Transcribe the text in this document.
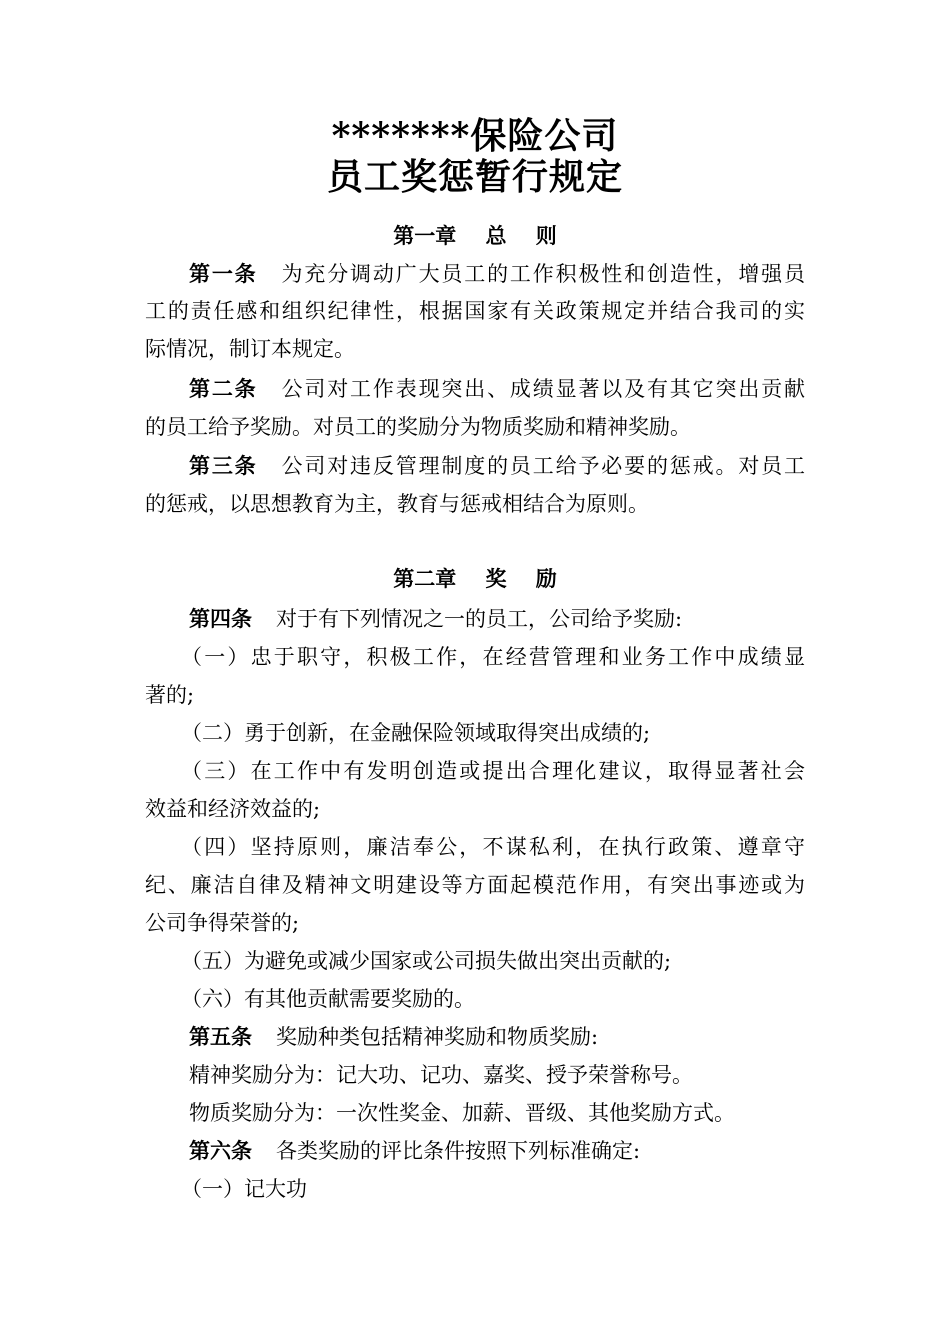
*******保险公司
员工奖惩暂行规定
第一章    总    则
第一条 为充分调动广大员工的工作积极性和创造性，增强员
工的责任感和组织纪律性，根据国家有关政策规定并结合我司的实
际情况，制订本规定。
第二条 公司对工作表现突出、成绩显著以及有其它突出贡献
的员工给予奖励。对员工的奖励分为物质奖励和精神奖励。
第三条 公司对违反管理制度的员工给予必要的惩戒。对员工
的惩戒，以思想教育为主，教育与惩戒相结合为原则。
第二章    奖    励
第四条 对于有下列情况之一的员工，公司给予奖励:
（一）忠于职守，积极工作，在经营管理和业务工作中成绩显
著的;
（二）勇于创新，在金融保险领域取得突出成绩的;
（三）在工作中有发明创造或提出合理化建议，取得显著社会
效益和经济效益的;
（四）坚持原则，廉洁奉公，不谋私利，在执行政策、遵章守
纪、廉洁自律及精神文明建设等方面起模范作用，有突出事迹或为
公司争得荣誉的;
（五）为避免或减少国家或公司损失做出突出贡献的;
（六）有其他贡献需要奖励的。
第五条 奖励种类包括精神奖励和物质奖励:
精神奖励分为：记大功、记功、嘉奖、授予荣誉称号。
物质奖励分为：一次性奖金、加薪、晋级、其他奖励方式。
第六条 各类奖励的评比条件按照下列标准确定:
（一）记大功
